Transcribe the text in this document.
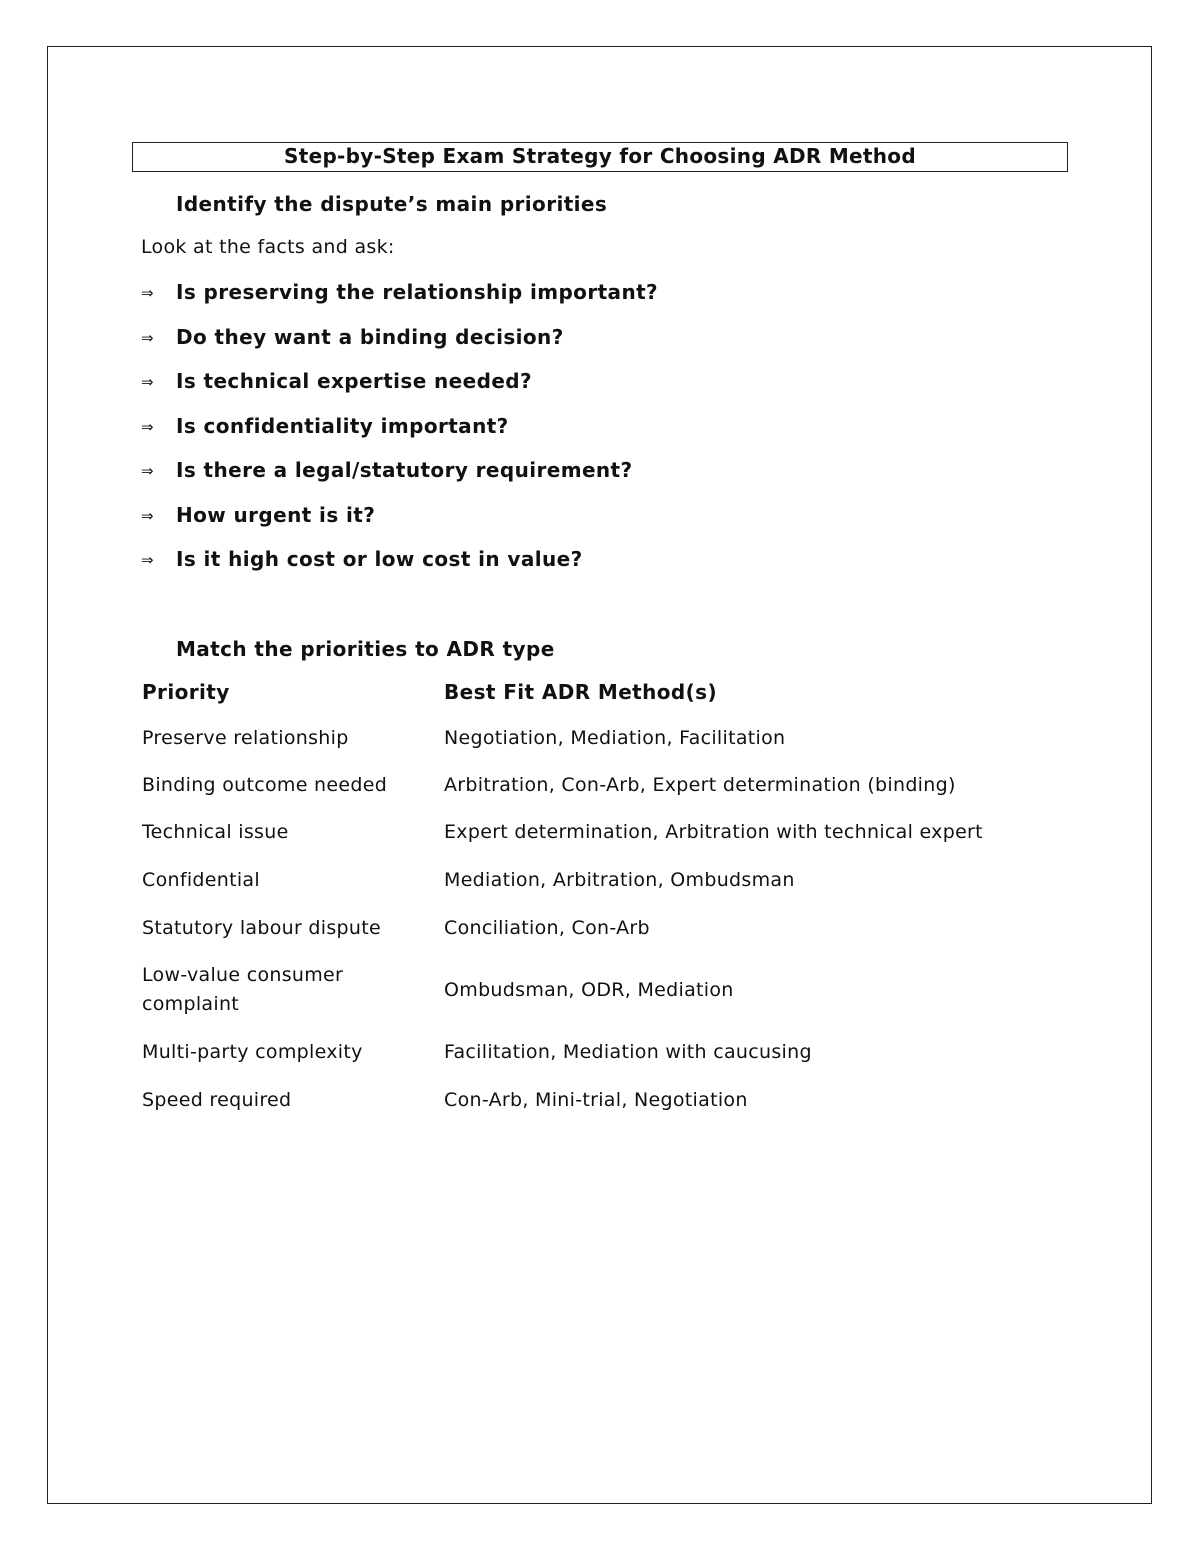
Step-by-Step Exam Strategy for Choosing ADR Method
Identify the dispute’s main priorities
Look at the facts and ask:
⇒	Is preserving the relationship important?
⇒	Do they want a binding decision?
⇒	Is technical expertise needed?
⇒	Is confidentiality important?
⇒	Is there a legal/statutory requirement?
⇒	How urgent is it?
⇒	Is it high cost or low cost in value?
Match the priorities to ADR type
Priority	Best Fit ADR Method(s)
Preserve relationship	Negotiation, Mediation, Facilitation
Binding outcome needed	Arbitration, Con-Arb, Expert determination (binding)
Technical issue	Expert determination, Arbitration with technical expert
Confidential	Mediation, Arbitration, Ombudsman
Statutory labour dispute	Conciliation, Con-Arb
Low-value consumer complaint	Ombudsman, ODR, Mediation
Multi-party complexity	Facilitation, Mediation with caucusing
Speed required	Con-Arb, Mini-trial, Negotiation
